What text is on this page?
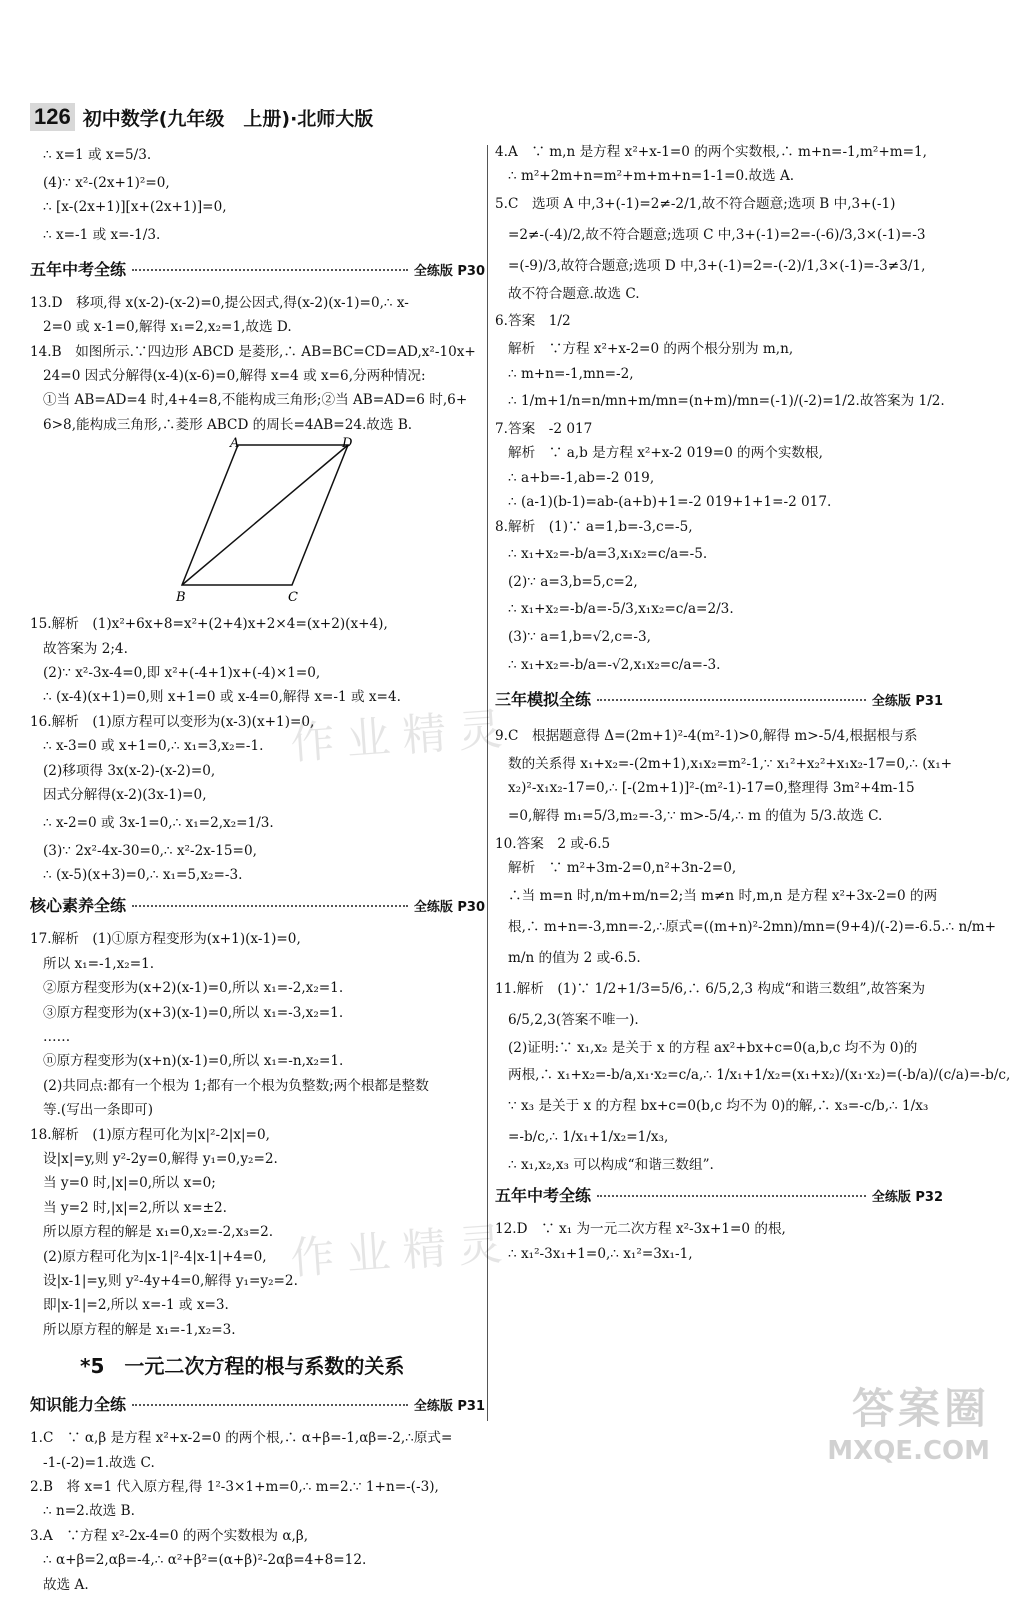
126 初中数学(九年级　上册)·北师大版
∴ x=1 或 x=5/3.
(4)∵ x²-(2x+1)²=0,
∴ [x-(2x+1)][x+(2x+1)]=0,
∴ x=-1 或 x=-1/3.
五年中考全练	全练版 P30
13.D　移项,得 x(x-2)-(x-2)=0,提公因式,得(x-2)(x-1)=0,∴ x-
2=0 或 x-1=0,解得 x₁=2,x₂=1,故选 D.
14.B　如图所示.∵四边形 ABCD 是菱形,∴ AB=BC=CD=AD,x²-10x+
24=0 因式分解得(x-4)(x-6)=0,解得 x=4 或 x=6,分两种情况:
①当 AB=AD=4 时,4+4=8,不能构成三角形;②当 AB=AD=6 时,6+
6>8,能构成三角形,∴菱形 ABCD 的周长=4AB=24.故选 B.
A	D
B	C
15.解析　(1)x²+6x+8=x²+(2+4)x+2×4=(x+2)(x+4),
故答案为 2;4.
(2)∵ x²-3x-4=0,即 x²+(-4+1)x+(-4)×1=0,
∴ (x-4)(x+1)=0,则 x+1=0 或 x-4=0,解得 x=-1 或 x=4.
16.解析　(1)原方程可以变形为(x-3)(x+1)=0,
∴ x-3=0 或 x+1=0,∴ x₁=3,x₂=-1.
(2)移项得 3x(x-2)-(x-2)=0,
因式分解得(x-2)(3x-1)=0,
∴ x-2=0 或 3x-1=0,∴ x₁=2,x₂=1/3.
(3)∵ 2x²-4x-30=0,∴ x²-2x-15=0,
∴ (x-5)(x+3)=0,∴ x₁=5,x₂=-3.
核心素养全练	全练版 P30
17.解析　(1)①原方程变形为(x+1)(x-1)=0,
所以 x₁=-1,x₂=1.
②原方程变形为(x+2)(x-1)=0,所以 x₁=-2,x₂=1.
③原方程变形为(x+3)(x-1)=0,所以 x₁=-3,x₂=1.
……
ⓝ原方程变形为(x+n)(x-1)=0,所以 x₁=-n,x₂=1.
(2)共同点:都有一个根为 1;都有一个根为负整数;两个根都是整数
等.(写出一条即可)
18.解析　(1)原方程可化为|x|²-2|x|=0,
设|x|=y,则 y²-2y=0,解得 y₁=0,y₂=2.
当 y=0 时,|x|=0,所以 x=0;
当 y=2 时,|x|=2,所以 x=±2.
所以原方程的解是 x₁=0,x₂=-2,x₃=2.
(2)原方程可化为|x-1|²-4|x-1|+4=0,
设|x-1|=y,则 y²-4y+4=0,解得 y₁=y₂=2.
即|x-1|=2,所以 x=-1 或 x=3.
所以原方程的解是 x₁=-1,x₂=3.
*5　一元二次方程的根与系数的关系
知识能力全练	全练版 P31
1.C　∵ α,β 是方程 x²+x-2=0 的两个根,∴ α+β=-1,αβ=-2,∴原式=
-1-(-2)=1.故选 C.
2.B　将 x=1 代入原方程,得 1²-3×1+m=0,∴ m=2.∵ 1+n=-(-3),
∴ n=2.故选 B.
3.A　∵方程 x²-2x-4=0 的两个实数根为 α,β,
∴ α+β=2,αβ=-4,∴ α²+β²=(α+β)²-2αβ=4+8=12.
故选 A.
4.A　∵ m,n 是方程 x²+x-1=0 的两个实数根,∴ m+n=-1,m²+m=1,
∴ m²+2m+n=m²+m+m+n=1-1=0.故选 A.
5.C　选项 A 中,3+(-1)=2≠-2/1,故不符合题意;选项 B 中,3+(-1)
=2≠-(-4)/2,故不符合题意;选项 C 中,3+(-1)=2=-(-6)/3,3×(-1)=-3
=(-9)/3,故符合题意;选项 D 中,3+(-1)=2=-(-2)/1,3×(-1)=-3≠3/1,
故不符合题意.故选 C.
6.答案　1/2
解析　∵方程 x²+x-2=0 的两个根分别为 m,n,
∴ m+n=-1,mn=-2,
∴ 1/m+1/n=n/mn+m/mn=(n+m)/mn=(-1)/(-2)=1/2.故答案为 1/2.
7.答案　-2 017
解析　∵ a,b 是方程 x²+x-2 019=0 的两个实数根,
∴ a+b=-1,ab=-2 019,
∴ (a-1)(b-1)=ab-(a+b)+1=-2 019+1+1=-2 017.
8.解析　(1)∵ a=1,b=-3,c=-5,
∴ x₁+x₂=-b/a=3,x₁x₂=c/a=-5.
(2)∵ a=3,b=5,c=2,
∴ x₁+x₂=-b/a=-5/3,x₁x₂=c/a=2/3.
(3)∵ a=1,b=√2,c=-3,
∴ x₁+x₂=-b/a=-√2,x₁x₂=c/a=-3.
三年模拟全练	全练版 P31
9.C　根据题意得 Δ=(2m+1)²-4(m²-1)>0,解得 m>-5/4,根据根与系
数的关系得 x₁+x₂=-(2m+1),x₁x₂=m²-1,∵ x₁²+x₂²+x₁x₂-17=0,∴ (x₁+
x₂)²-x₁x₂-17=0,∴ [-(2m+1)]²-(m²-1)-17=0,整理得 3m²+4m-15
=0,解得 m₁=5/3,m₂=-3,∵ m>-5/4,∴ m 的值为 5/3.故选 C.
10.答案　2 或-6.5
解析　∵ m²+3m-2=0,n²+3n-2=0,
∴当 m=n 时,n/m+m/n=2;当 m≠n 时,m,n 是方程 x²+3x-2=0 的两
根,∴ m+n=-3,mn=-2,∴原式=((m+n)²-2mn)/mn=(9+4)/(-2)=-6.5.∴ n/m+
m/n 的值为 2 或-6.5.
11.解析　(1)∵ 1/2+1/3=5/6,∴ 6/5,2,3 构成“和谐三数组”,故答案为
6/5,2,3(答案不唯一).
(2)证明:∵ x₁,x₂ 是关于 x 的方程 ax²+bx+c=0(a,b,c 均不为 0)的
两根,∴ x₁+x₂=-b/a,x₁·x₂=c/a,∴ 1/x₁+1/x₂=(x₁+x₂)/(x₁·x₂)=(-b/a)/(c/a)=-b/c,
∵ x₃ 是关于 x 的方程 bx+c=0(b,c 均不为 0)的解,∴ x₃=-c/b,∴ 1/x₃
=-b/c,∴ 1/x₁+1/x₂=1/x₃,
∴ x₁,x₂,x₃ 可以构成“和谐三数组”.
五年中考全练	全练版 P32
12.D　∵ x₁ 为一元二次方程 x²-3x+1=0 的根,
∴ x₁²-3x₁+1=0,∴ x₁²=3x₁-1,
作业精灵
作业精灵
答案圈
MXQE.COM
